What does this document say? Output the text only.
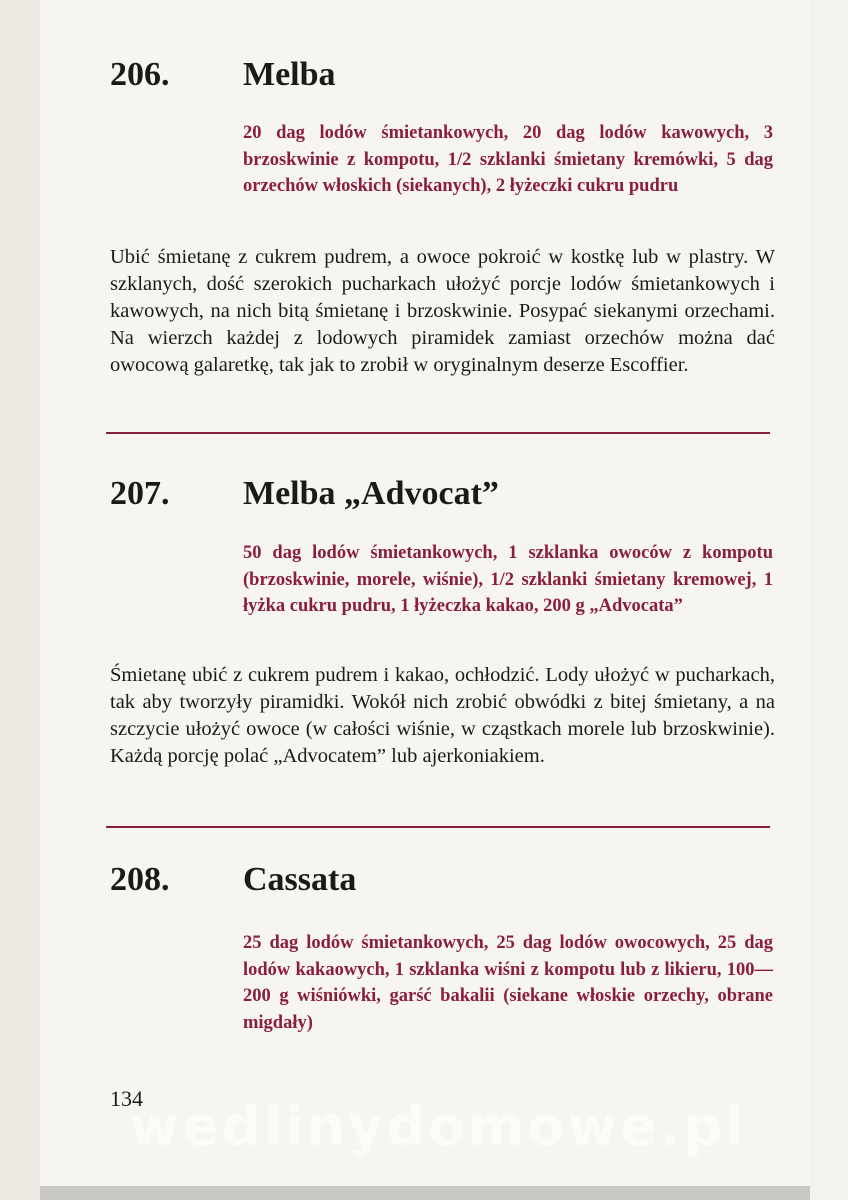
206. Melba
20 dag lodów śmietankowych, 20 dag lodów kawowych, 3 brzoskwinie z kompotu, 1/2 szklanki śmietany kremówki, 5 dag orzechów włoskich (siekanych), 2 łyżeczki cukru pudru
Ubić śmietanę z cukrem pudrem, a owoce pokroić w kostkę lub w plastry. W szklanych, dość szerokich pucharkach ułożyć porcje lodów śmietankowych i kawowych, na nich bitą śmietanę i brzoskwinie. Posypać siekanymi orzechami. Na wierzch każdej z lodowych piramidek zamiast orzechów można dać owocową galaretkę, tak jak to zrobił w oryginalnym deserze Escoffier.
207. Melba „Advocat”
50 dag lodów śmietankowych, 1 szklanka owoców z kompotu (brzoskwinie, morele, wiśnie), 1/2 szklanki śmietany kremowej, 1 łyżka cukru pudru, 1 łyżeczka kakao, 200 g „Advocata”
Śmietanę ubić z cukrem pudrem i kakao, ochłodzić. Lody ułożyć w pucharkach, tak aby tworzyły piramidki. Wokół nich zrobić obwódki z bitej śmietany, a na szczycie ułożyć owoce (w całości wiśnie, w cząstkach morele lub brzoskwinie). Każdą porcję polać „Advocatem” lub ajerkoniakiem.
208. Cassata
25 dag lodów śmietankowych, 25 dag lodów owocowych, 25 dag lodów kakaowych, 1 szklanka wiśni z kompotu lub z likieru, 100—200 g wiśniówki, garść bakalii (siekane włoskie orzechy, obrane migdały)
134
wedlinydomowe.pl
